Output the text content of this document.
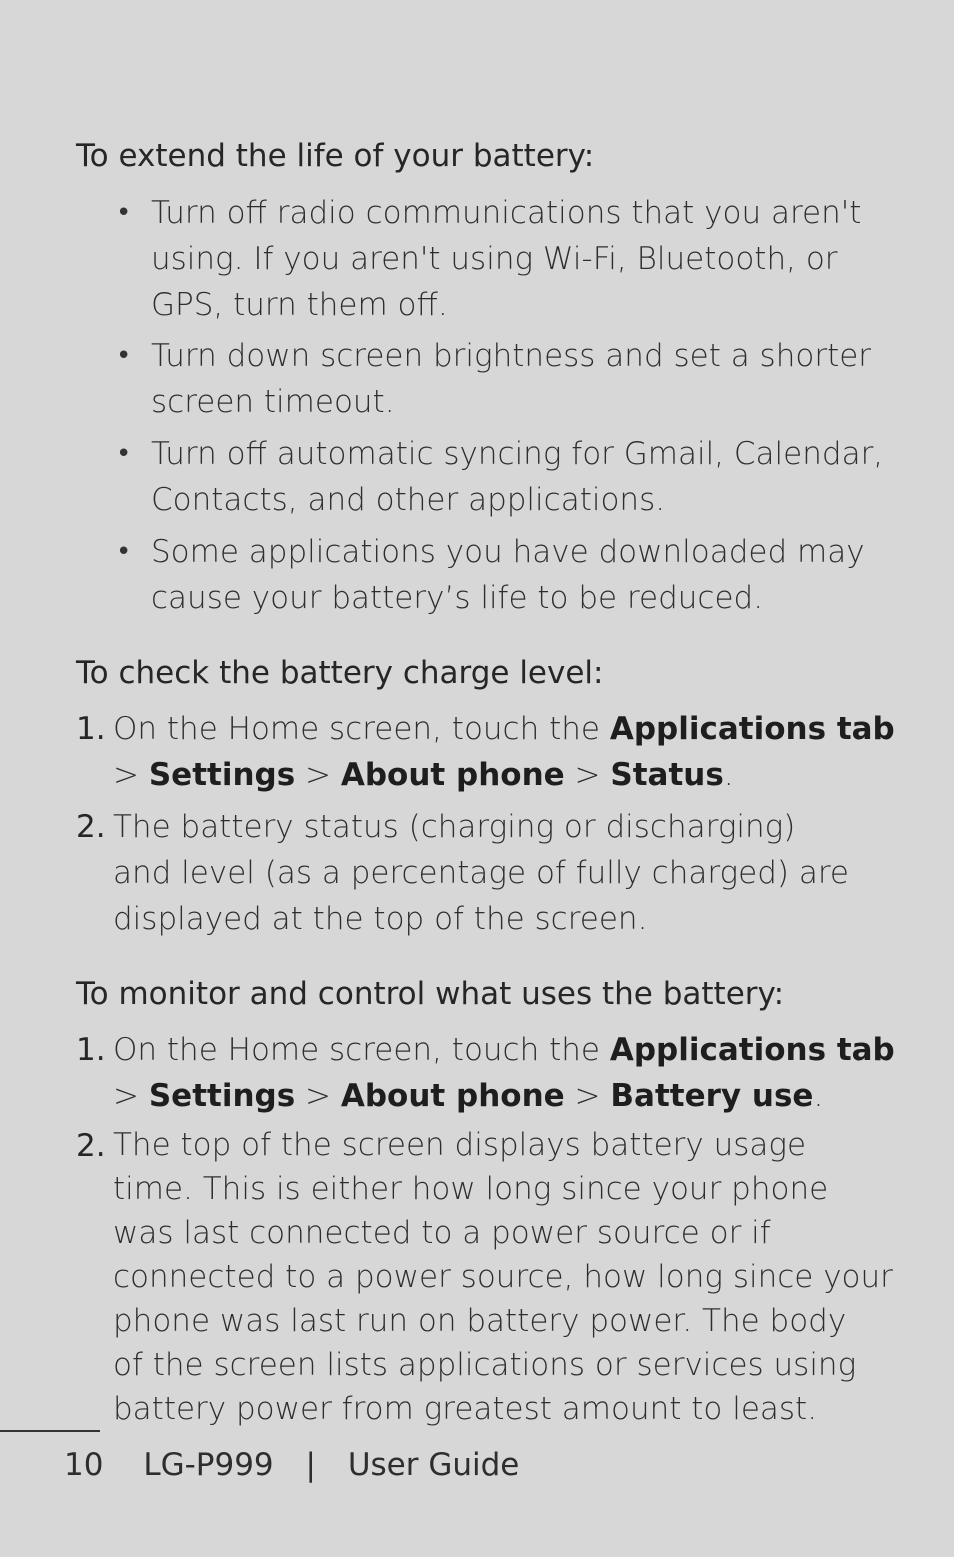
To extend the life of your battery:
• Turn off radio communications that you aren't
using. If you aren't using Wi-Fi, Bluetooth, or
GPS, turn them off.

• Turn down screen brightness and set a shorter
screen timeout.

• Turn off automatic syncing for Gmail, Calendar,
Contacts, and other applications.

• Some applications you have downloaded may
cause your battery’s life to be reduced.

To check the battery charge level:
1. On the Home screen, touch the Applications tab
> Settings > About phone > Status.

2. The battery status (charging or discharging)
and level (as a percentage of fully charged) are
displayed at the top of the screen.

To monitor and control what uses the battery:
1. On the Home screen, touch the Applications tab
> Settings > About phone > Battery use.

2. The top of the screen displays battery usage
time. This is either how long since your phone
was last connected to a power source or if
connected to a power source, how long since your
phone was last run on battery power. The body
of the screen lists applications or services using
battery power from greatest amount to least.

10 LG-P999 | User Guide
